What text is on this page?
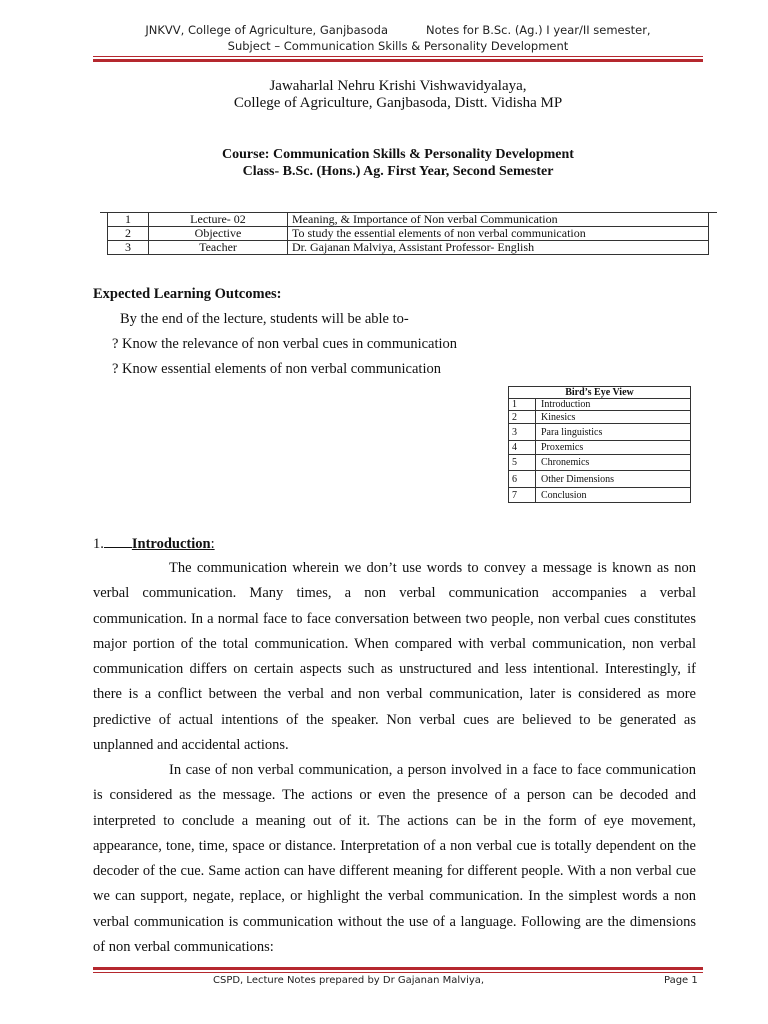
JNKVV, College of Agriculture, Ganjbasoda	Notes for B.Sc. (Ag.) I year/II semester,
Subject – Communication Skills & Personality Development
Jawaharlal Nehru Krishi Vishwavidyalaya,
College of Agriculture, Ganjbasoda, Distt. Vidisha MP
Course: Communication Skills & Personality Development
Class- B.Sc. (Hons.) Ag. First Year, Second Semester
1	Lecture- 02	Meaning, & Importance of Non verbal Communication
2	Objective	To study the essential elements of non verbal communication
3	Teacher	Dr. Gajanan Malviya, Assistant Professor- English
Expected Learning Outcomes:
By the end of the lecture, students will be able to-
? Know the relevance of non verbal cues in communication
? Know essential elements of non verbal communication
Bird’s Eye View	
1	Introduction
2	Kinesics
3	Para linguistics
4	Proxemics
5	Chronemics
6	Other Dimensions
7	Conclusion
1. Introduction:
The communication wherein we don’t use words to convey a message is known as non verbal communication. Many times, a non verbal communication accompanies a verbal communication. In a normal face to face conversation between two people, non verbal cues constitutes major portion of the total communication. When compared with verbal communication, non verbal communication differs on certain aspects such as unstructured and less intentional. Interestingly, if there is a conflict between the verbal and non verbal communication, later is considered as more predictive of actual intentions of the speaker. Non verbal cues are believed to be generated as unplanned and accidental actions.
In case of non verbal communication, a person involved in a face to face communication is considered as the message. The actions or even the presence of a person can be decoded and interpreted to conclude a meaning out of it. The actions can be in the form of eye movement, appearance, tone, time, space or distance. Interpretation of a non verbal cue is totally dependent on the decoder of the cue. Same action can have different meaning for different people. With a non verbal cue we can support, negate, replace, or highlight the verbal communication. In the simplest words a non verbal communication is communication without the use of a language. Following are the dimensions of non verbal communications:
CSPD, Lecture Notes prepared by Dr Gajanan Malviya,	Page 1
